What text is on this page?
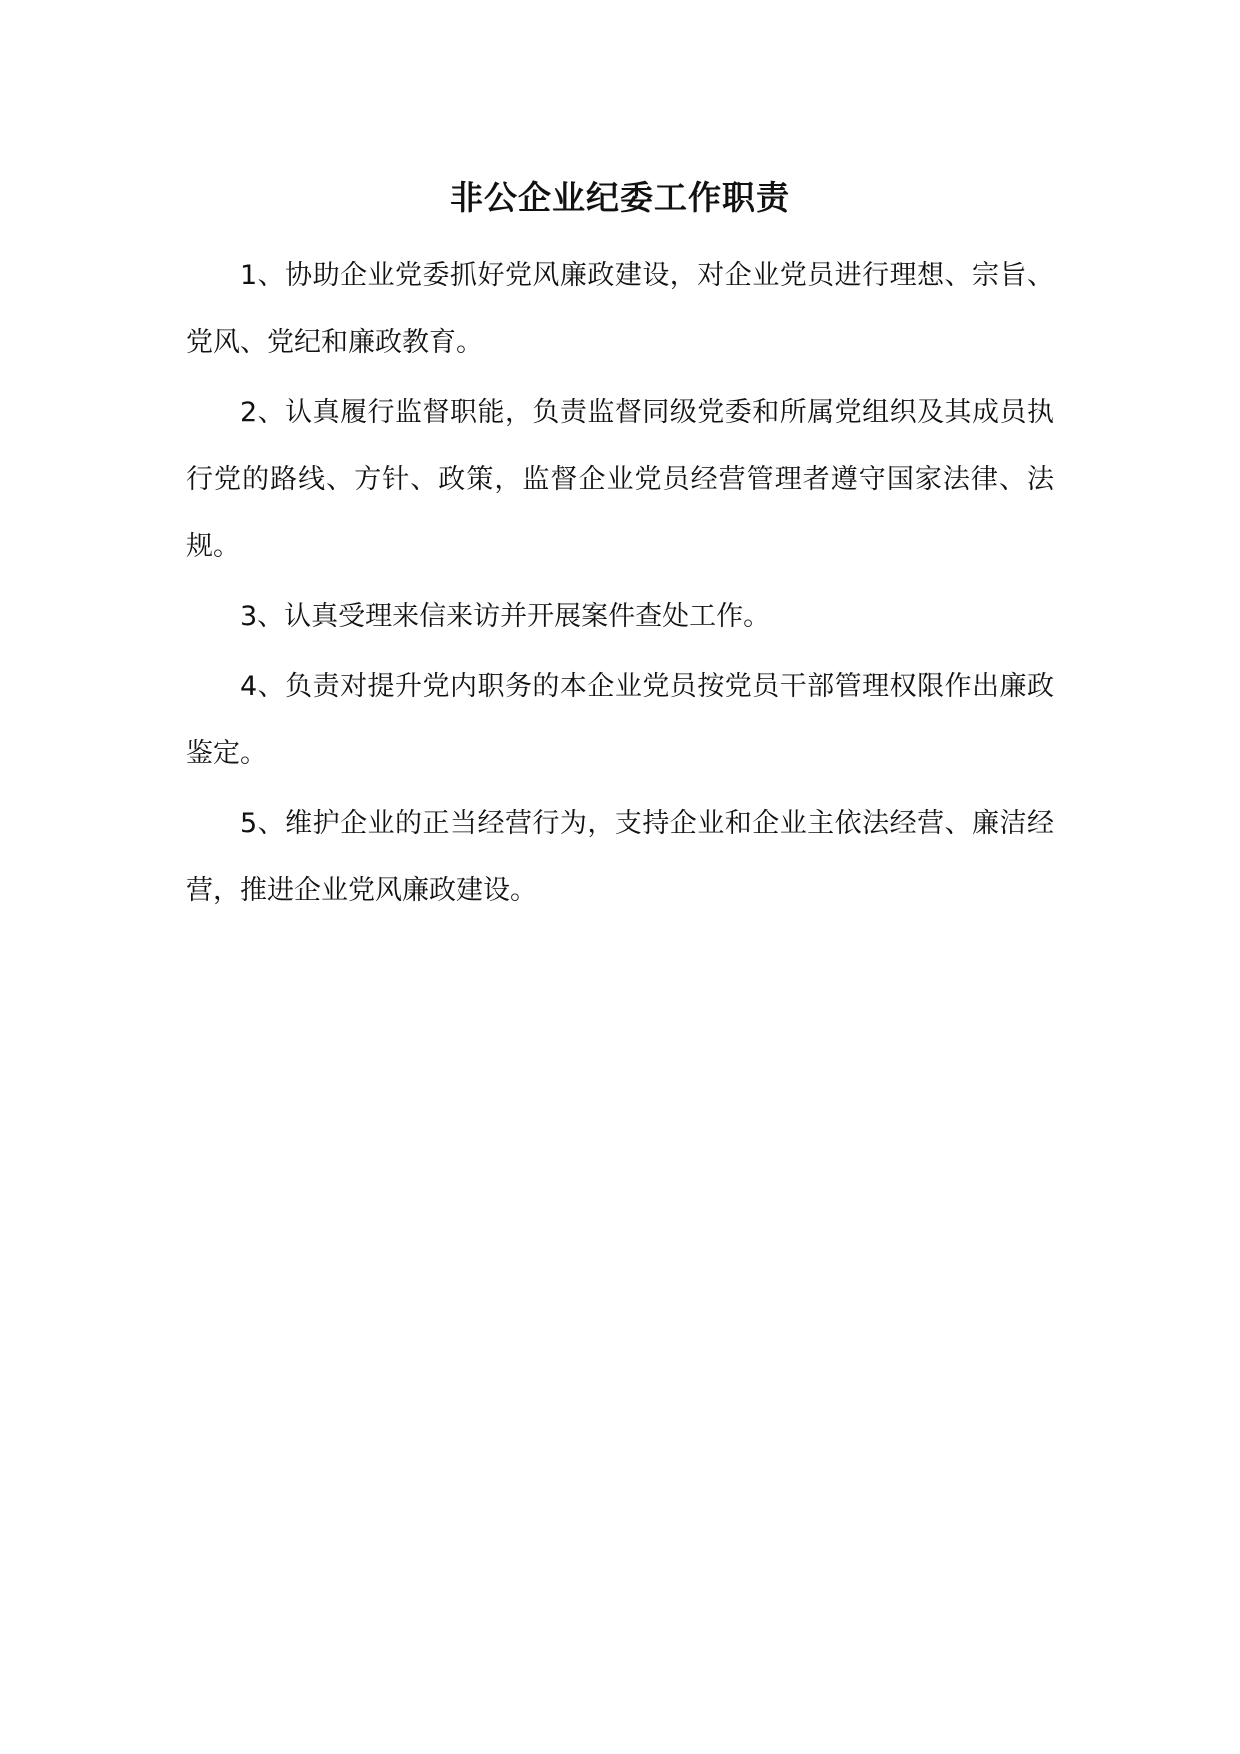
非公企业纪委工作职责

1、协助企业党委抓好党风廉政建设，对企业党员进行理想、宗旨、党风、党纪和廉政教育。

2、认真履行监督职能，负责监督同级党委和所属党组织及其成员执行党的路线、方针、政策，监督企业党员经营管理者遵守国家法律、法规。

3、认真受理来信来访并开展案件查处工作。

4、负责对提升党内职务的本企业党员按党员干部管理权限作出廉政鉴定。

5、维护企业的正当经营行为，支持企业和企业主依法经营、廉洁经营，推进企业党风廉政建设。
